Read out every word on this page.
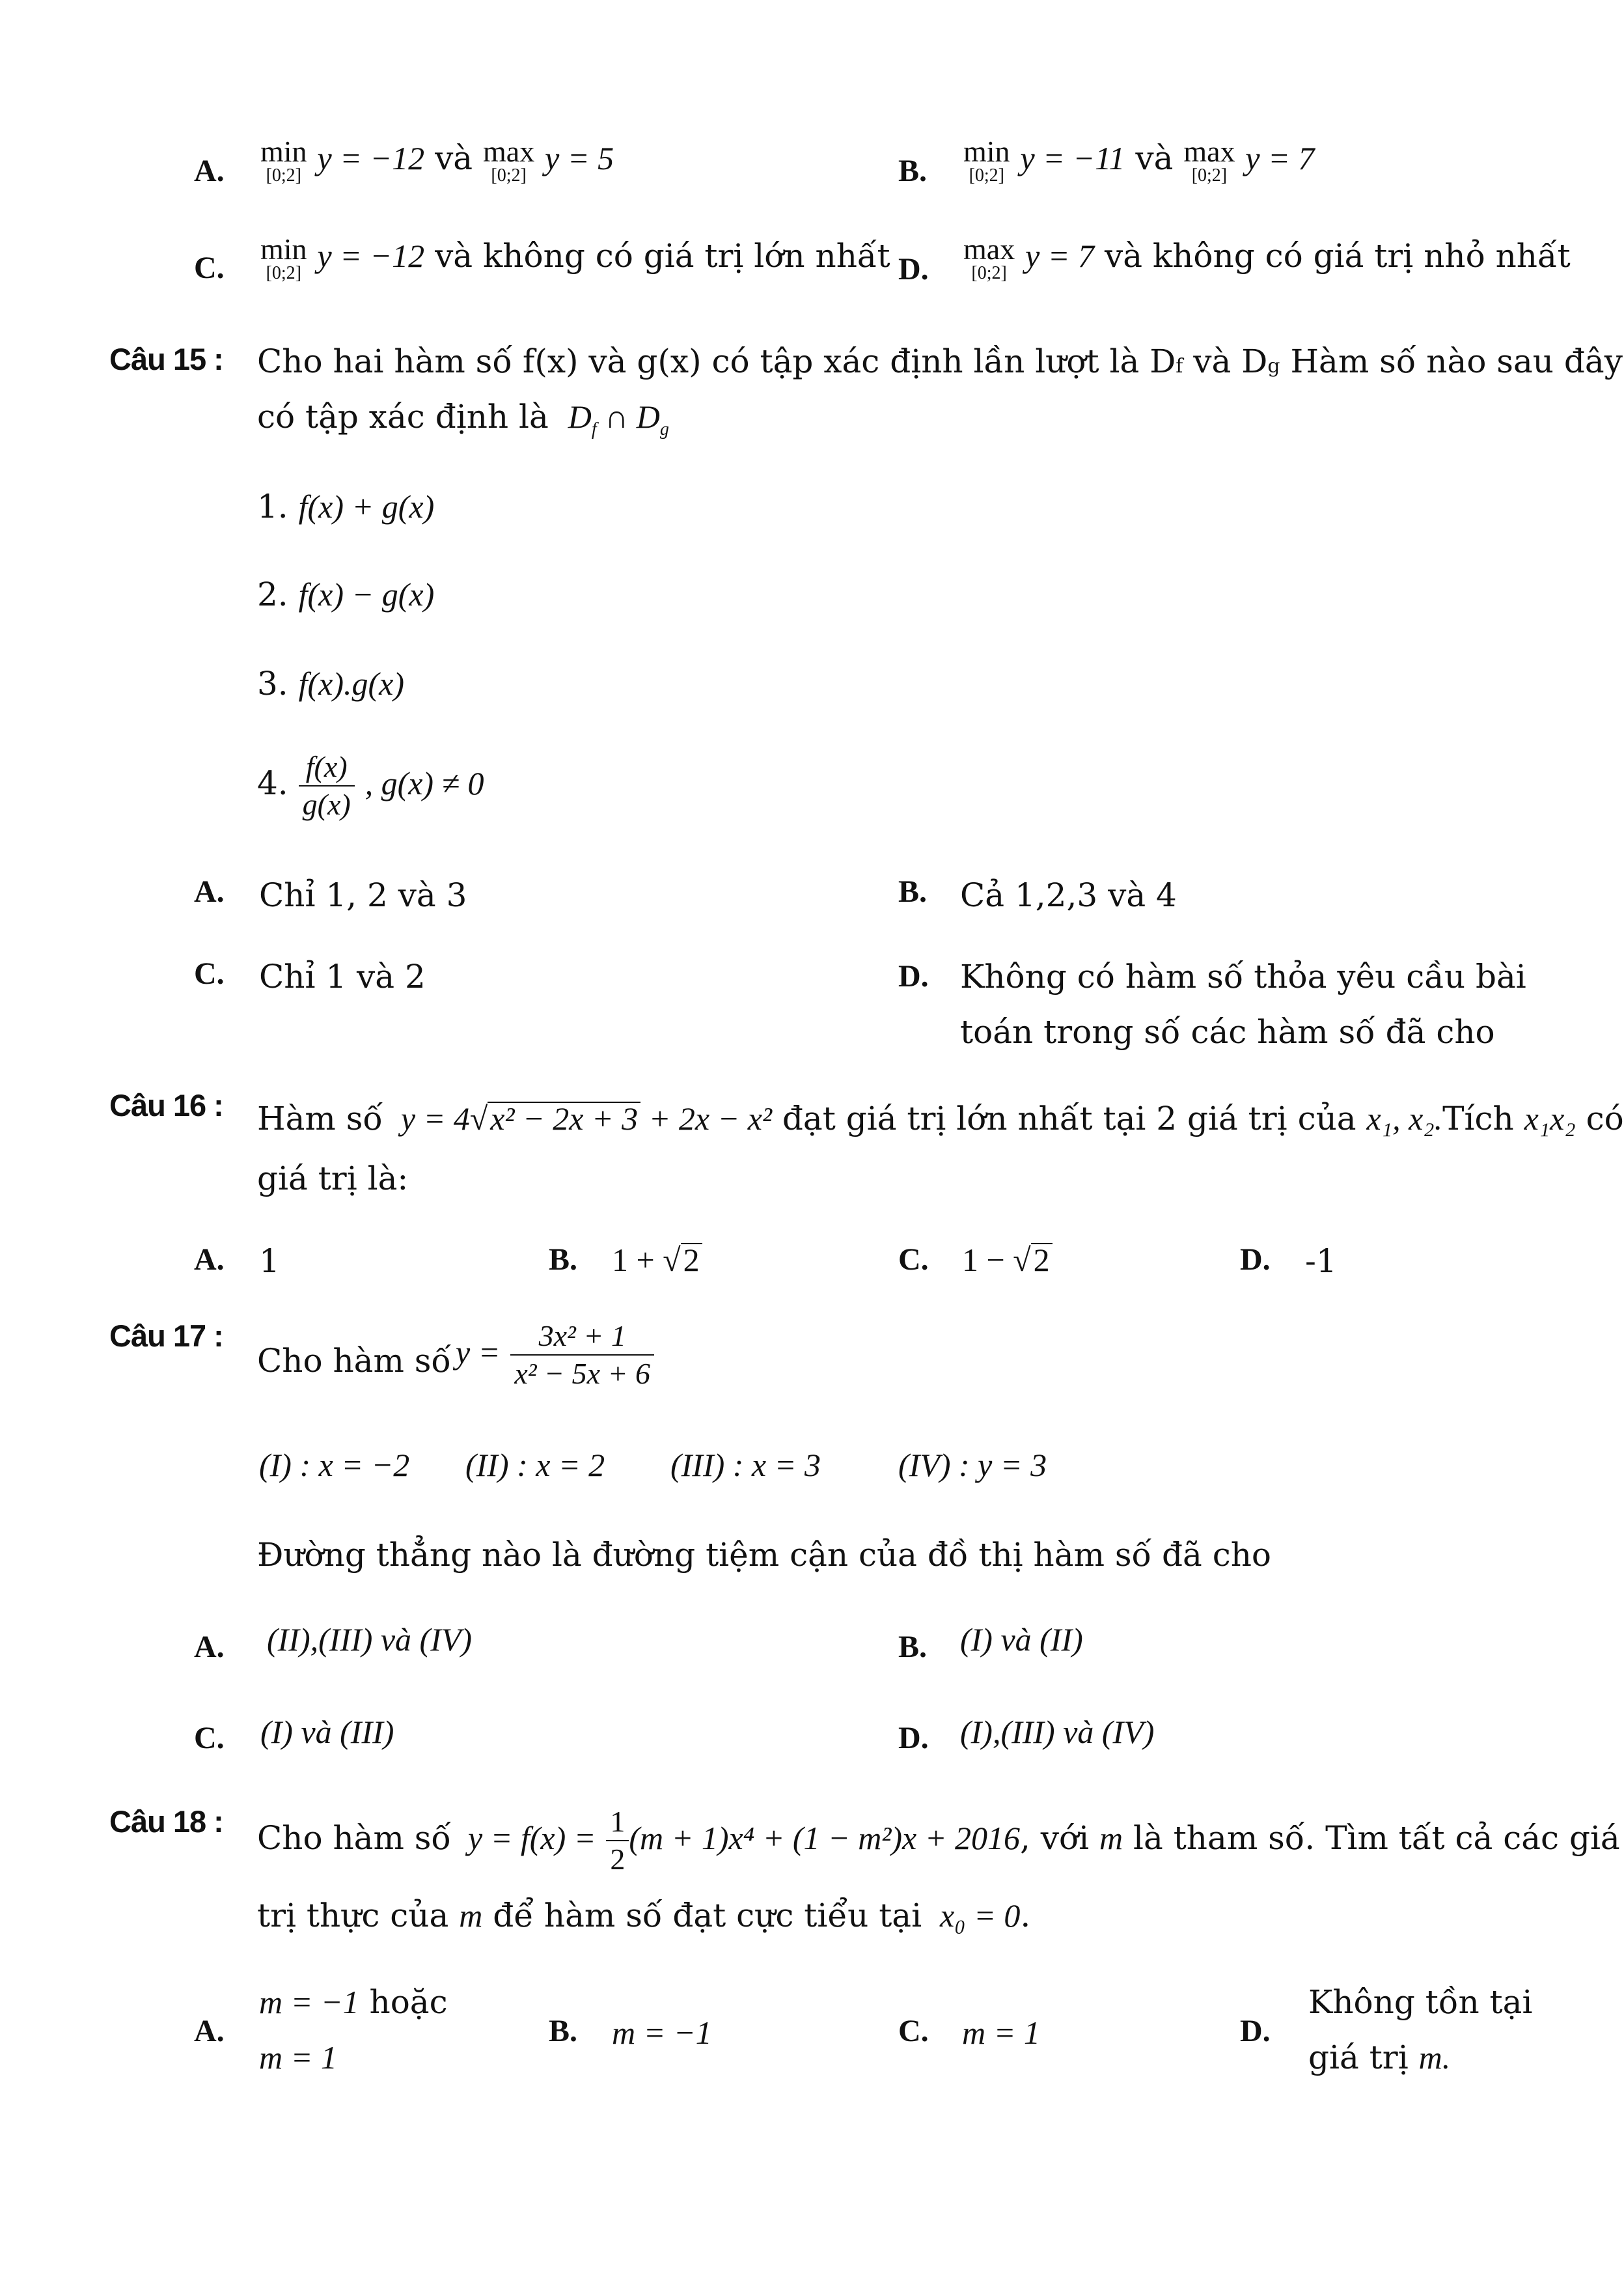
A.
min
[0;2] y = −12 và max
[0;2] y = 5	B.
min
[0;2] y = −11 và max
[0;2] y = 7
C.
min
[0;2] y = −12 và không có giá trị lớn nhất D.
max
[0;2] y = 7 và không có giá trị nhỏ nhất
Câu 15 : Cho hai hàm số f(x) và g(x) có tập xác định lần lượt là Df và Dg Hàm số nào sau đây
có tập xác định là $D_f$ ∩ $D_g$
1. f(x) + g(x)
2. f(x) − g(x)
3. f(x).g(x)
4. $\frac{f(x)}{g(x)}$ , g(x) ≠ 0
A. Chỉ 1, 2 và 3	B. Cả 1,2,3 và 4
C. Chỉ 1 và 2	D. Không có hàm số thỏa yêu cầu bài
toán trong số các hàm số đã cho
Câu 16 : Hàm số y = 4√x² − 2x + 3 + 2x − x² đạt giá trị lớn nhất tại 2 giá trị của x₁, x₂.Tích x₁x₂ có
giá trị là:
A. 1	B. 1 + √2	C. 1 − √2	D. -1
Câu 17 :
Cho hàm số $y = \frac{\text{3x² + 1}}{\text{x² − 5x + 6}}$
(I) : x = −2 (II) : x = 2 (III) : x = 3 (IV) : y = 3
Đường thẳng nào là đường tiệm cận của đồ thị hàm số đã cho
A. (II),(III) và (IV)	B. (I) và (II)
C. (I) và (III)	D. (I),(III) và (IV)
Câu 18 : Cho hàm số $y = f(x) = \frac{1}{2} (m + 1)x^4 + (1 - m^2)x + 2016$, với m là tham số. Tìm tất cả các giá
trị thực của m để hàm số đạt cực tiểu tại x₀ = 0.
A.
m = −1 hoặc
m = 1
B. m = −1	C. m = 1	D.
Không tồn tại
giá trị m.
